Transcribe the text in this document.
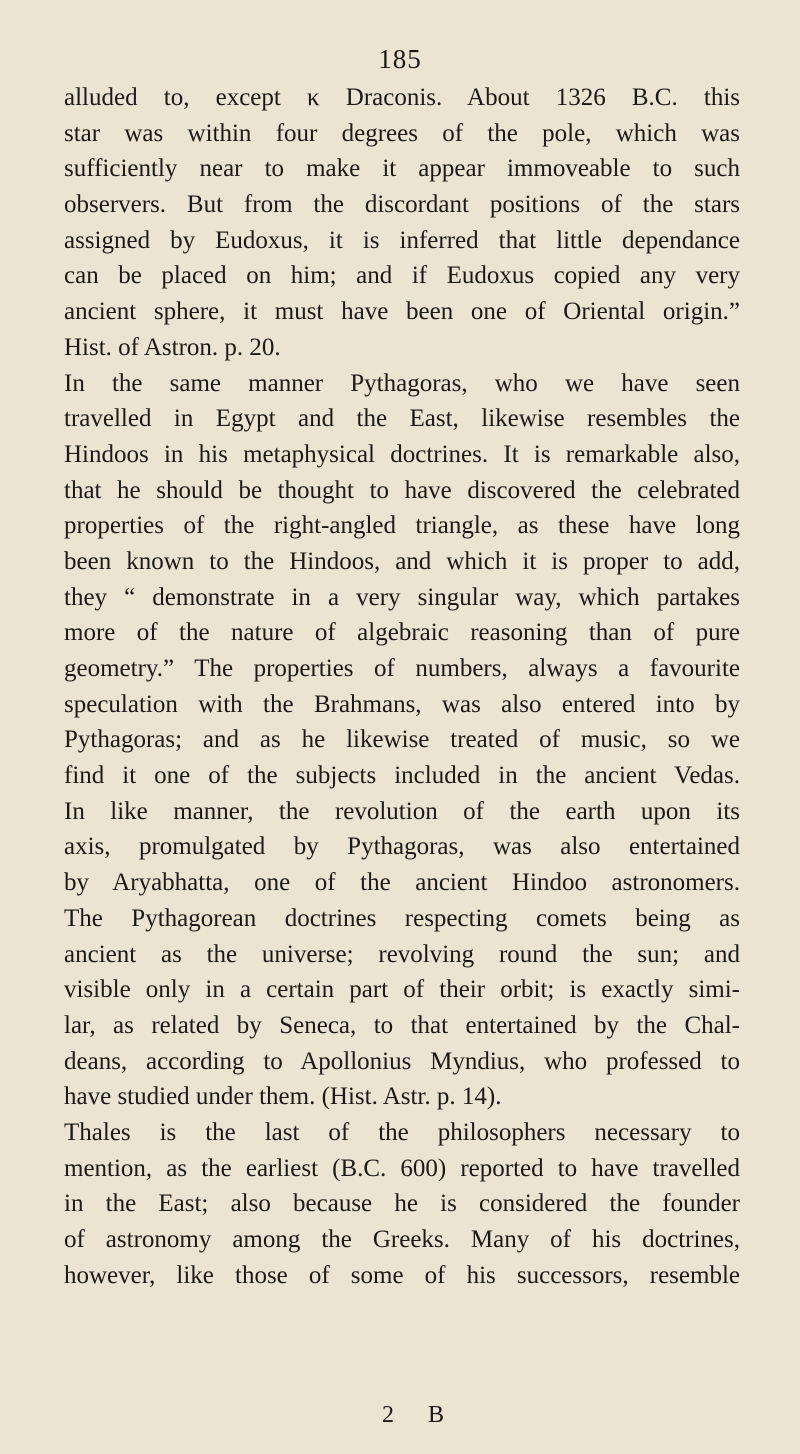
185
alluded to, except κ Draconis. About 1326 B.C. this
star was within four degrees of the pole, which was
sufficiently near to make it appear immoveable to such
observers. But from the discordant positions of the stars
assigned by Eudoxus, it is inferred that little dependance
can be placed on him; and if Eudoxus copied any very
ancient sphere, it must have been one of Oriental origin.”
Hist. of Astron. p. 20.
In the same manner Pythagoras, who we have seen
travelled in Egypt and the East, likewise resembles the
Hindoos in his metaphysical doctrines. It is remarkable also,
that he should be thought to have discovered the celebrated
properties of the right-angled triangle, as these have long
been known to the Hindoos, and which it is proper to add,
they “ demonstrate in a very singular way, which partakes
more of the nature of algebraic reasoning than of pure
geometry.” The properties of numbers, always a favourite
speculation with the Brahmans, was also entered into by
Pythagoras; and as he likewise treated of music, so we
find it one of the subjects included in the ancient Vedas.
In like manner, the revolution of the earth upon its
axis, promulgated by Pythagoras, was also entertained
by Aryabhatta, one of the ancient Hindoo astronomers.
The Pythagorean doctrines respecting comets being as
ancient as the universe; revolving round the sun; and
visible only in a certain part of their orbit; is exactly simi-
lar, as related by Seneca, to that entertained by the Chal-
deans, according to Apollonius Myndius, who professed to
have studied under them. (Hist. Astr. p. 14).
Thales is the last of the philosophers necessary to
mention, as the earliest (B.C. 600) reported to have travelled
in the East; also because he is considered the founder
of astronomy among the Greeks. Many of his doctrines,
however, like those of some of his successors, resemble
2 B
